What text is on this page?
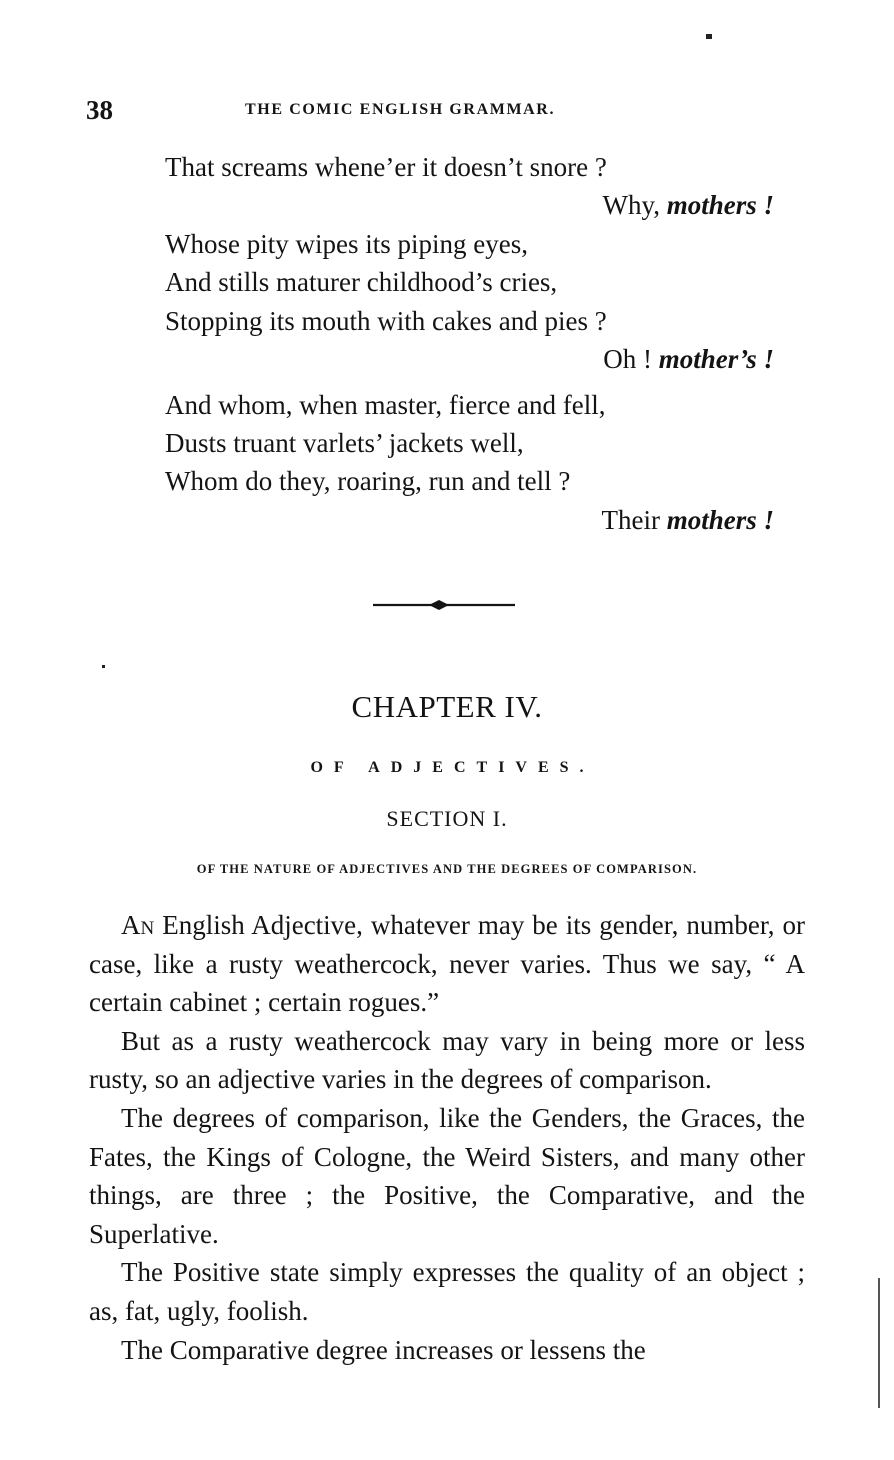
38	THE COMIC ENGLISH GRAMMAR.
That screams whene’er it doesn’t snore ?
Why, mothers !
Whose pity wipes its piping eyes,
And stills maturer childhood’s cries,
Stopping its mouth with cakes and pies ?
Oh ! mother’s !
And whom, when master, fierce and fell,
Dusts truant varlets’ jackets well,
Whom do they, roaring, run and tell ?
Their mothers !
CHAPTER IV.
OF ADJECTIVES.
SECTION I.
OF THE NATURE OF ADJECTIVES AND THE DEGREES OF COMPARISON.

An English Adjective, whatever may be its gender, number, or case, like a rusty weathercock, never varies. Thus we say, “ A certain cabinet ; certain rogues.”

But as a rusty weathercock may vary in being more or less rusty, so an adjective varies in the degrees of comparison.

The degrees of comparison, like the Genders, the Graces, the Fates, the Kings of Cologne, the Weird Sisters, and many other things, are three ; the Positive, the Comparative, and the Superlative.

The Positive state simply expresses the quality of an object ; as, fat, ugly, foolish.

The Comparative degree increases or lessens the
